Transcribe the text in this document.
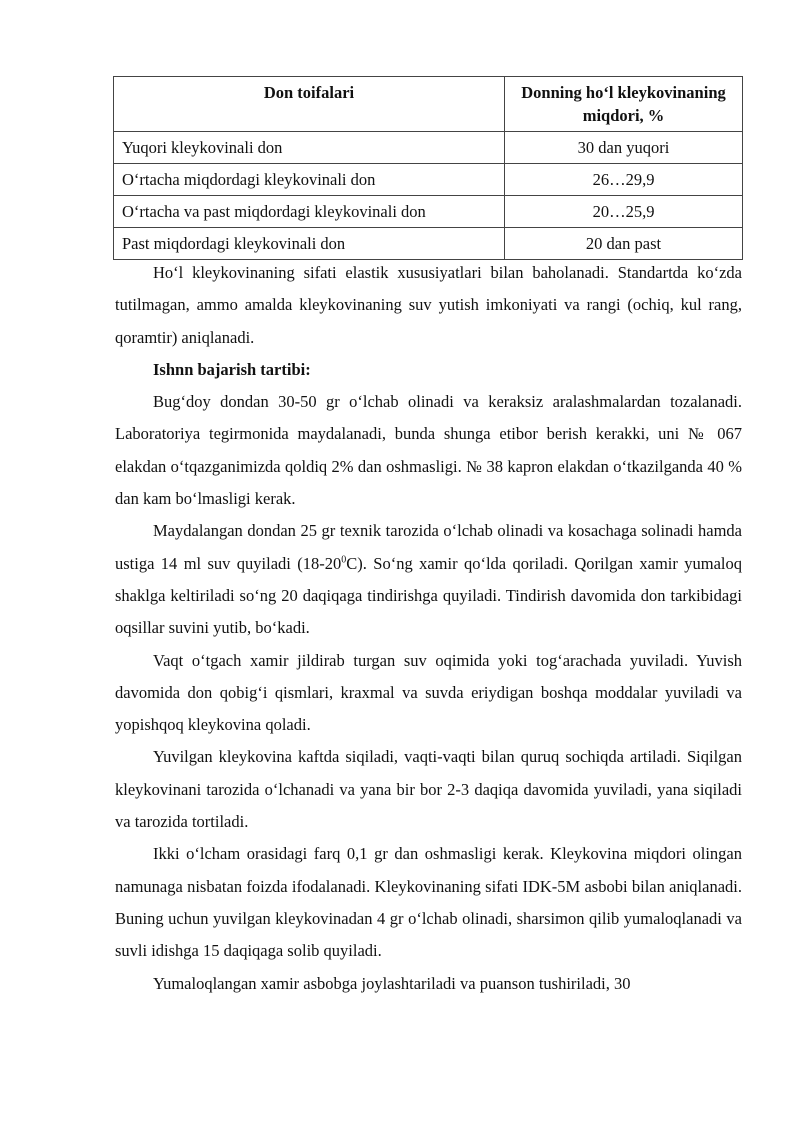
Don toifalari	Donning hoʻl kleykovinaning miqdori, %
Yuqori kleykovinali don	30 dan yuqori
Oʻrtacha miqdordagi kleykovinali don	26…29,9
Oʻrtacha va past miqdordagi kleykovinali don	20…25,9
Past miqdordagi kleykovinali don	20 dan past

Hoʻl kleykovinaning sifati elastik xususiyatlari bilan baholanadi. Standartda koʻzda tutilmagan, ammo amalda kleykovinaning suv yutish imkoniyati va rangi (ochiq, kul rang, qoramtir) aniqlanadi.

Ishnn bajarish tartibi:

Bugʻdoy dondan 30-50 gr oʻlchab olinadi va keraksiz aralashmalardan tozalanadi. Laboratoriya tegirmonida maydalanadi, bunda shunga etibor berish kerakki, uni № 067 elakdan oʻtqazganimizda qoldiq 2% dan oshmasligi. № 38 kapron elakdan oʻtkazilganda 40 % dan kam boʻlmasligi kerak.

Maydalangan dondan 25 gr texnik tarozida oʻlchab olinadi va kosachaga solinadi hamda ustiga 14 ml suv quyiladi $(18-20^0C)$. Soʻng xamir qoʻlda qoriladi. Qorilgan xamir yumaloq shaklga keltiriladi soʻng 20 daqiqaga tindirishga quyiladi. Tindirish davomida don tarkibidagi oqsillar suvini yutib, boʻkadi.

Vaqt oʻtgach xamir jildirab turgan suv oqimida yoki togʻarachada yuviladi. Yuvish davomida don qobigʻi qismlari, kraxmal va suvda eriydigan boshqa moddalar yuviladi va yopishqoq kleykovina qoladi.

Yuvilgan kleykovina kaftda siqiladi, vaqti-vaqti bilan quruq sochiqda artiladi. Siqilgan kleykovinani tarozida oʻlchanadi va yana bir bor 2-3 daqiqa davomida yuviladi, yana siqiladi va tarozida tortiladi.

Ikki oʻlcham orasidagi farq 0,1 gr dan oshmasligi kerak. Kleykovina miqdori olingan namunaga nisbatan foizda ifodalanadi. Kleykovinaning sifati IDK-5M asbobi bilan aniqlanadi. Buning uchun yuvilgan kleykovinadan 4 gr oʻlchab olinadi, sharsimon qilib yumaloqlanadi va suvli idishga 15 daqiqaga solib quyiladi.

Yumaloqlangan xamir asbobga joylashtariladi va puanson tushiriladi, 30
